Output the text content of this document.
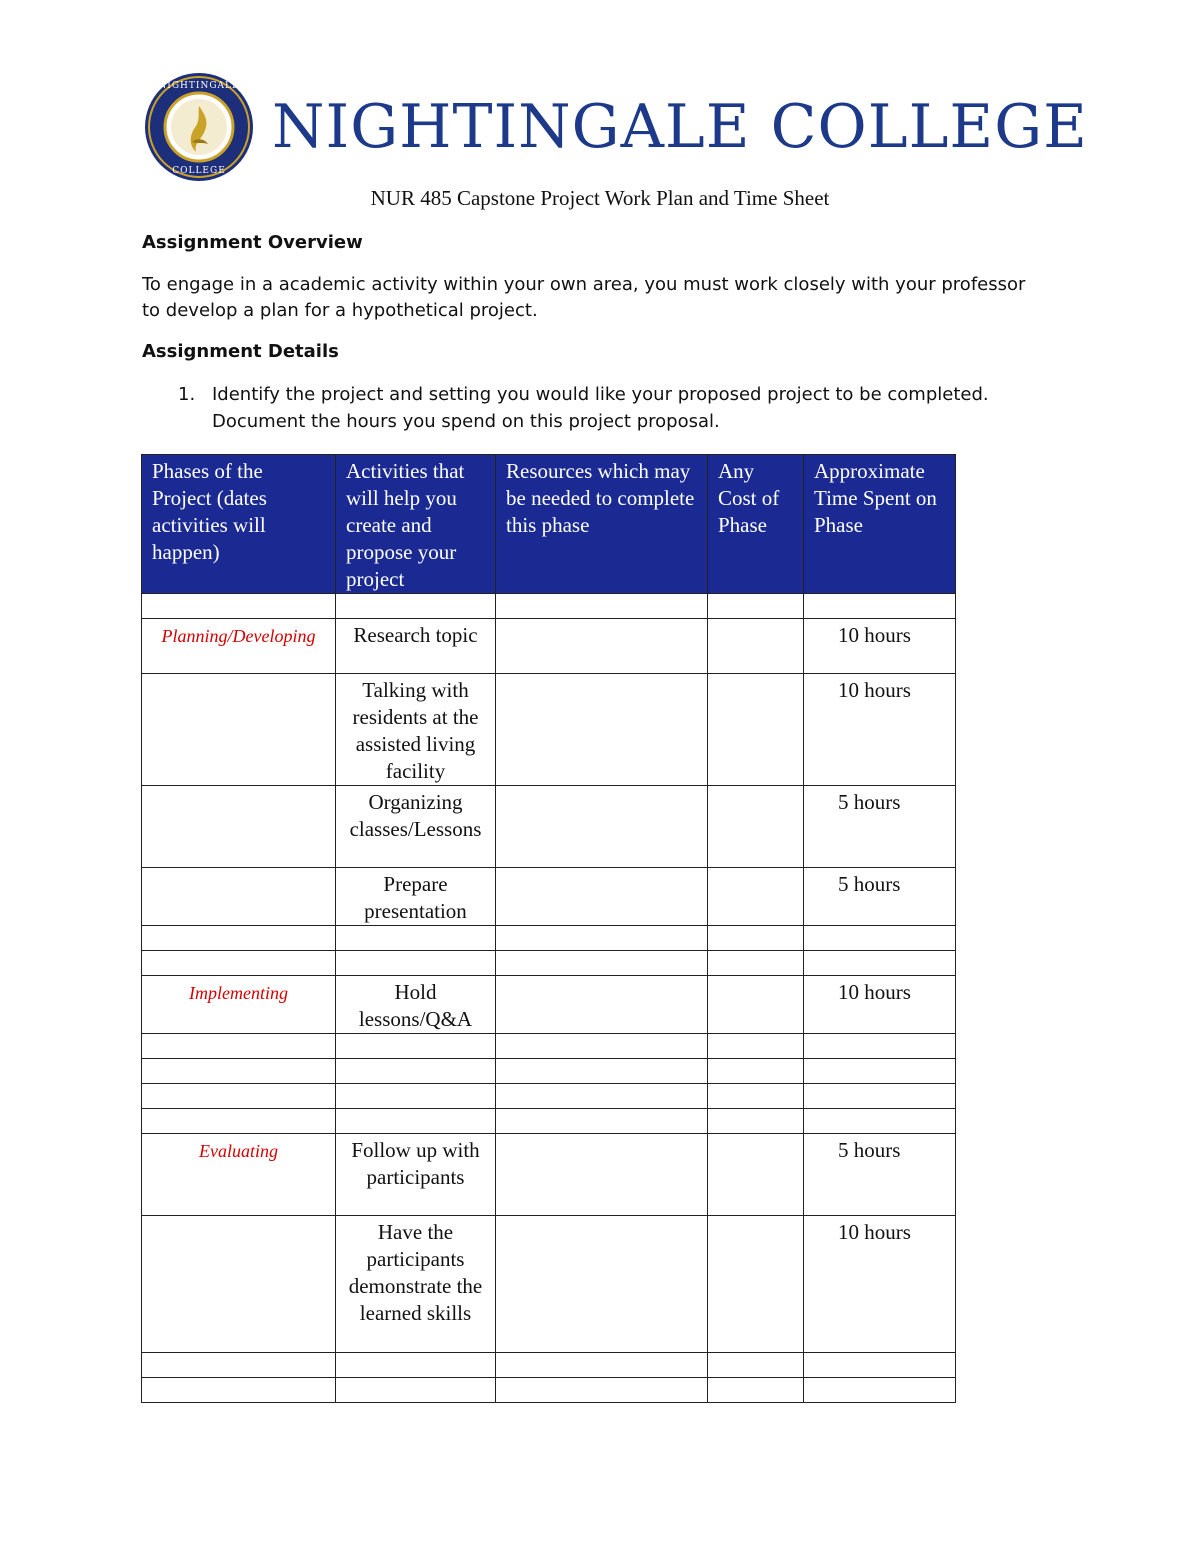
NIGHTINGALE
COLLEGE
NIGHTINGALE COLLEGE
NUR 485 Capstone Project Work Plan and Time Sheet
Assignment Overview
To engage in a academic activity within your own area, you must work closely with your professor to develop a plan for a hypothetical project.
Assignment Details
1. Identify the project and setting you would like your proposed project to be completed. Document the hours you spend on this project proposal.
Phases of the Project (dates activities will happen)	Activities that will help you create and propose your project	Resources which may be needed to complete this phase	Any Cost of Phase	Approximate Time Spent on Phase

Planning/Developing	Research topic			10 hours
	Talking with residents at the assisted living facility			10 hours
	Organizing classes/Lessons			5 hours
	Prepare presentation			5 hours

Implementing	Hold lessons/Q&A			10 hours

Evaluating	Follow up with participants			5 hours
	Have the participants demonstrate the learned skills			10 hours
